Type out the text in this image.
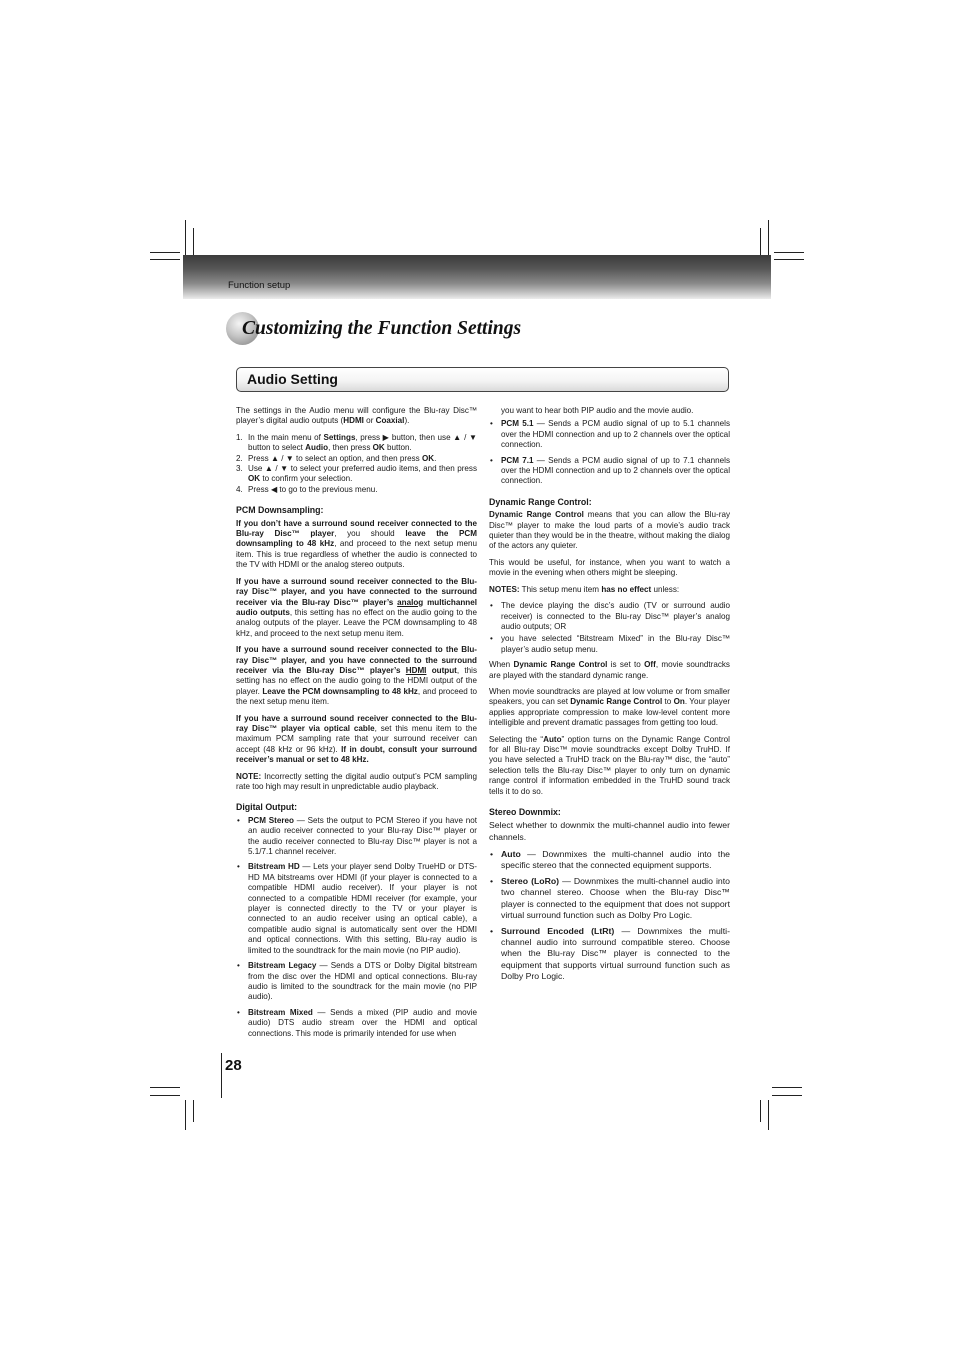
Function setup
Customizing the Function Settings
Audio Setting

The settings in the Audio menu will configure the Blu-ray Disc™ player’s digital audio outputs (HDMI or Coaxial).

1. In the main menu of Settings, press ▶ button, then use ▲ / ▼ button to select Audio, then press OK button.
2. Press ▲ / ▼ to select an option, and then press OK.
3. Use ▲ / ▼ to select your preferred audio items, and then press OK to confirm your selection.
4. Press ◀ to go to the previous menu.
PCM Downsampling:

If you don’t have a surround sound receiver connected to the Blu-ray Disc™ player, you should leave the PCM downsampling to 48 kHz, and proceed to the next setup menu item. This is true regardless of whether the audio is connected to the TV with HDMI or the analog stereo outputs.

If you have a surround sound receiver connected to the Blu-ray Disc™ player, and you have connected to the surround receiver via the Blu-ray Disc™ player’s analog multichannel audio outputs, this setting has no effect on the audio going to the analog outputs of the player. Leave the PCM downsampling to 48 kHz, and proceed to the next setup menu item.

If you have a surround sound receiver connected to the Blu-ray Disc™ player, and you have connected to the surround receiver via the Blu-ray Disc™ player’s HDMI output, this setting has no effect on the audio going to the HDMI output of the player. Leave the PCM downsampling to 48 kHz, and proceed to the next setup menu item.

If you have a surround sound receiver connected to the Blu-ray Disc™ player via optical cable, set this menu item to the maximum PCM sampling rate that your surround receiver can accept (48 kHz or 96 kHz). If in doubt, consult your surround receiver’s manual or set to 48 kHz.

NOTE: Incorrectly setting the digital audio output’s PCM sampling rate too high may result in unpredictable audio playback.

Digital Output:
• PCM Stereo — Sets the output to PCM Stereo if you have not an audio receiver connected to your Blu-ray Disc™ player or the audio receiver connected to Blu-ray Disc™ player is not a 5.1/7.1 channel receiver.
• Bitstream HD — Lets your player send Dolby TrueHD or DTS-HD MA bitstreams over HDMI (if your player is connected to a compatible HDMI audio receiver). If your player is not connected to a compatible HDMI receiver (for example, your player is connected directly to the TV or your player is connected to an audio receiver using an optical cable), a compatible audio signal is automatically sent over the HDMI and optical connections. With this setting, Blu-ray audio is limited to the soundtrack for the main movie (no PIP audio).
• Bitstream Legacy — Sends a DTS or Dolby Digital bitstream from the disc over the HDMI and optical connections. Blu-ray audio is limited to the soundtrack for the main movie (no PIP audio).
• Bitstream Mixed — Sends a mixed (PIP audio and movie audio) DTS audio stream over the HDMI and optical connections. This mode is primarily intended for use when

you want to hear both PIP audio and the movie audio.

• PCM 5.1 — Sends a PCM audio signal of up to 5.1 channels over the HDMI connection and up to 2 channels over the optical connection.
• PCM 7.1 — Sends a PCM audio signal of up to 7.1 channels over the HDMI connection and up to 2 channels over the optical connection.
Dynamic Range Control:

Dynamic Range Control means that you can allow the Blu-ray Disc™ player to make the loud parts of a movie’s audio track quieter than they would be in the theatre, without making the dialog of the actors any quieter.

This would be useful, for instance, when you want to watch a movie in the evening when others might be sleeping.

NOTES: This setup menu item has no effect unless:

• The device playing the disc’s audio (TV or surround audio receiver) is connected to the Blu-ray Disc™ player’s analog audio outputs; OR
• you have selected “Bitstream Mixed” in the Blu-ray Disc™ player’s audio setup menu.

When Dynamic Range Control is set to Off, movie soundtracks are played with the standard dynamic range.

When movie soundtracks are played at low volume or from smaller speakers, you can set Dynamic Range Control to On. Your player applies appropriate compression to make low-level content more intelligible and prevent dramatic passages from getting too loud.

Selecting the “Auto” option turns on the Dynamic Range Control for all Blu-ray Disc™ movie soundtracks except Dolby TruHD. If you have selected a TruHD track on the Blu-ray™ disc, the “auto” selection tells the Blu-ray Disc™ player to only turn on dynamic range control if information embedded in the TruHD sound track tells it to do so.

Stereo Downmix:

Select whether to downmix the multi-channel audio into fewer channels.

• Auto — Downmixes the multi-channel audio into the specific stereo that the connected equipment supports.
• Stereo (LoRo) — Downmixes the multi-channel audio into two channel stereo. Choose when the Blu-ray Disc™ player is connected to the equipment that does not support virtual surround function such as Dolby Pro Logic.
• Surround Encoded (LtRt) — Downmixes the multi-channel audio into surround compatible stereo. Choose when the Blu-ray Disc™ player is connected to the equipment that supports virtual surround function such as Dolby Pro Logic.
28
